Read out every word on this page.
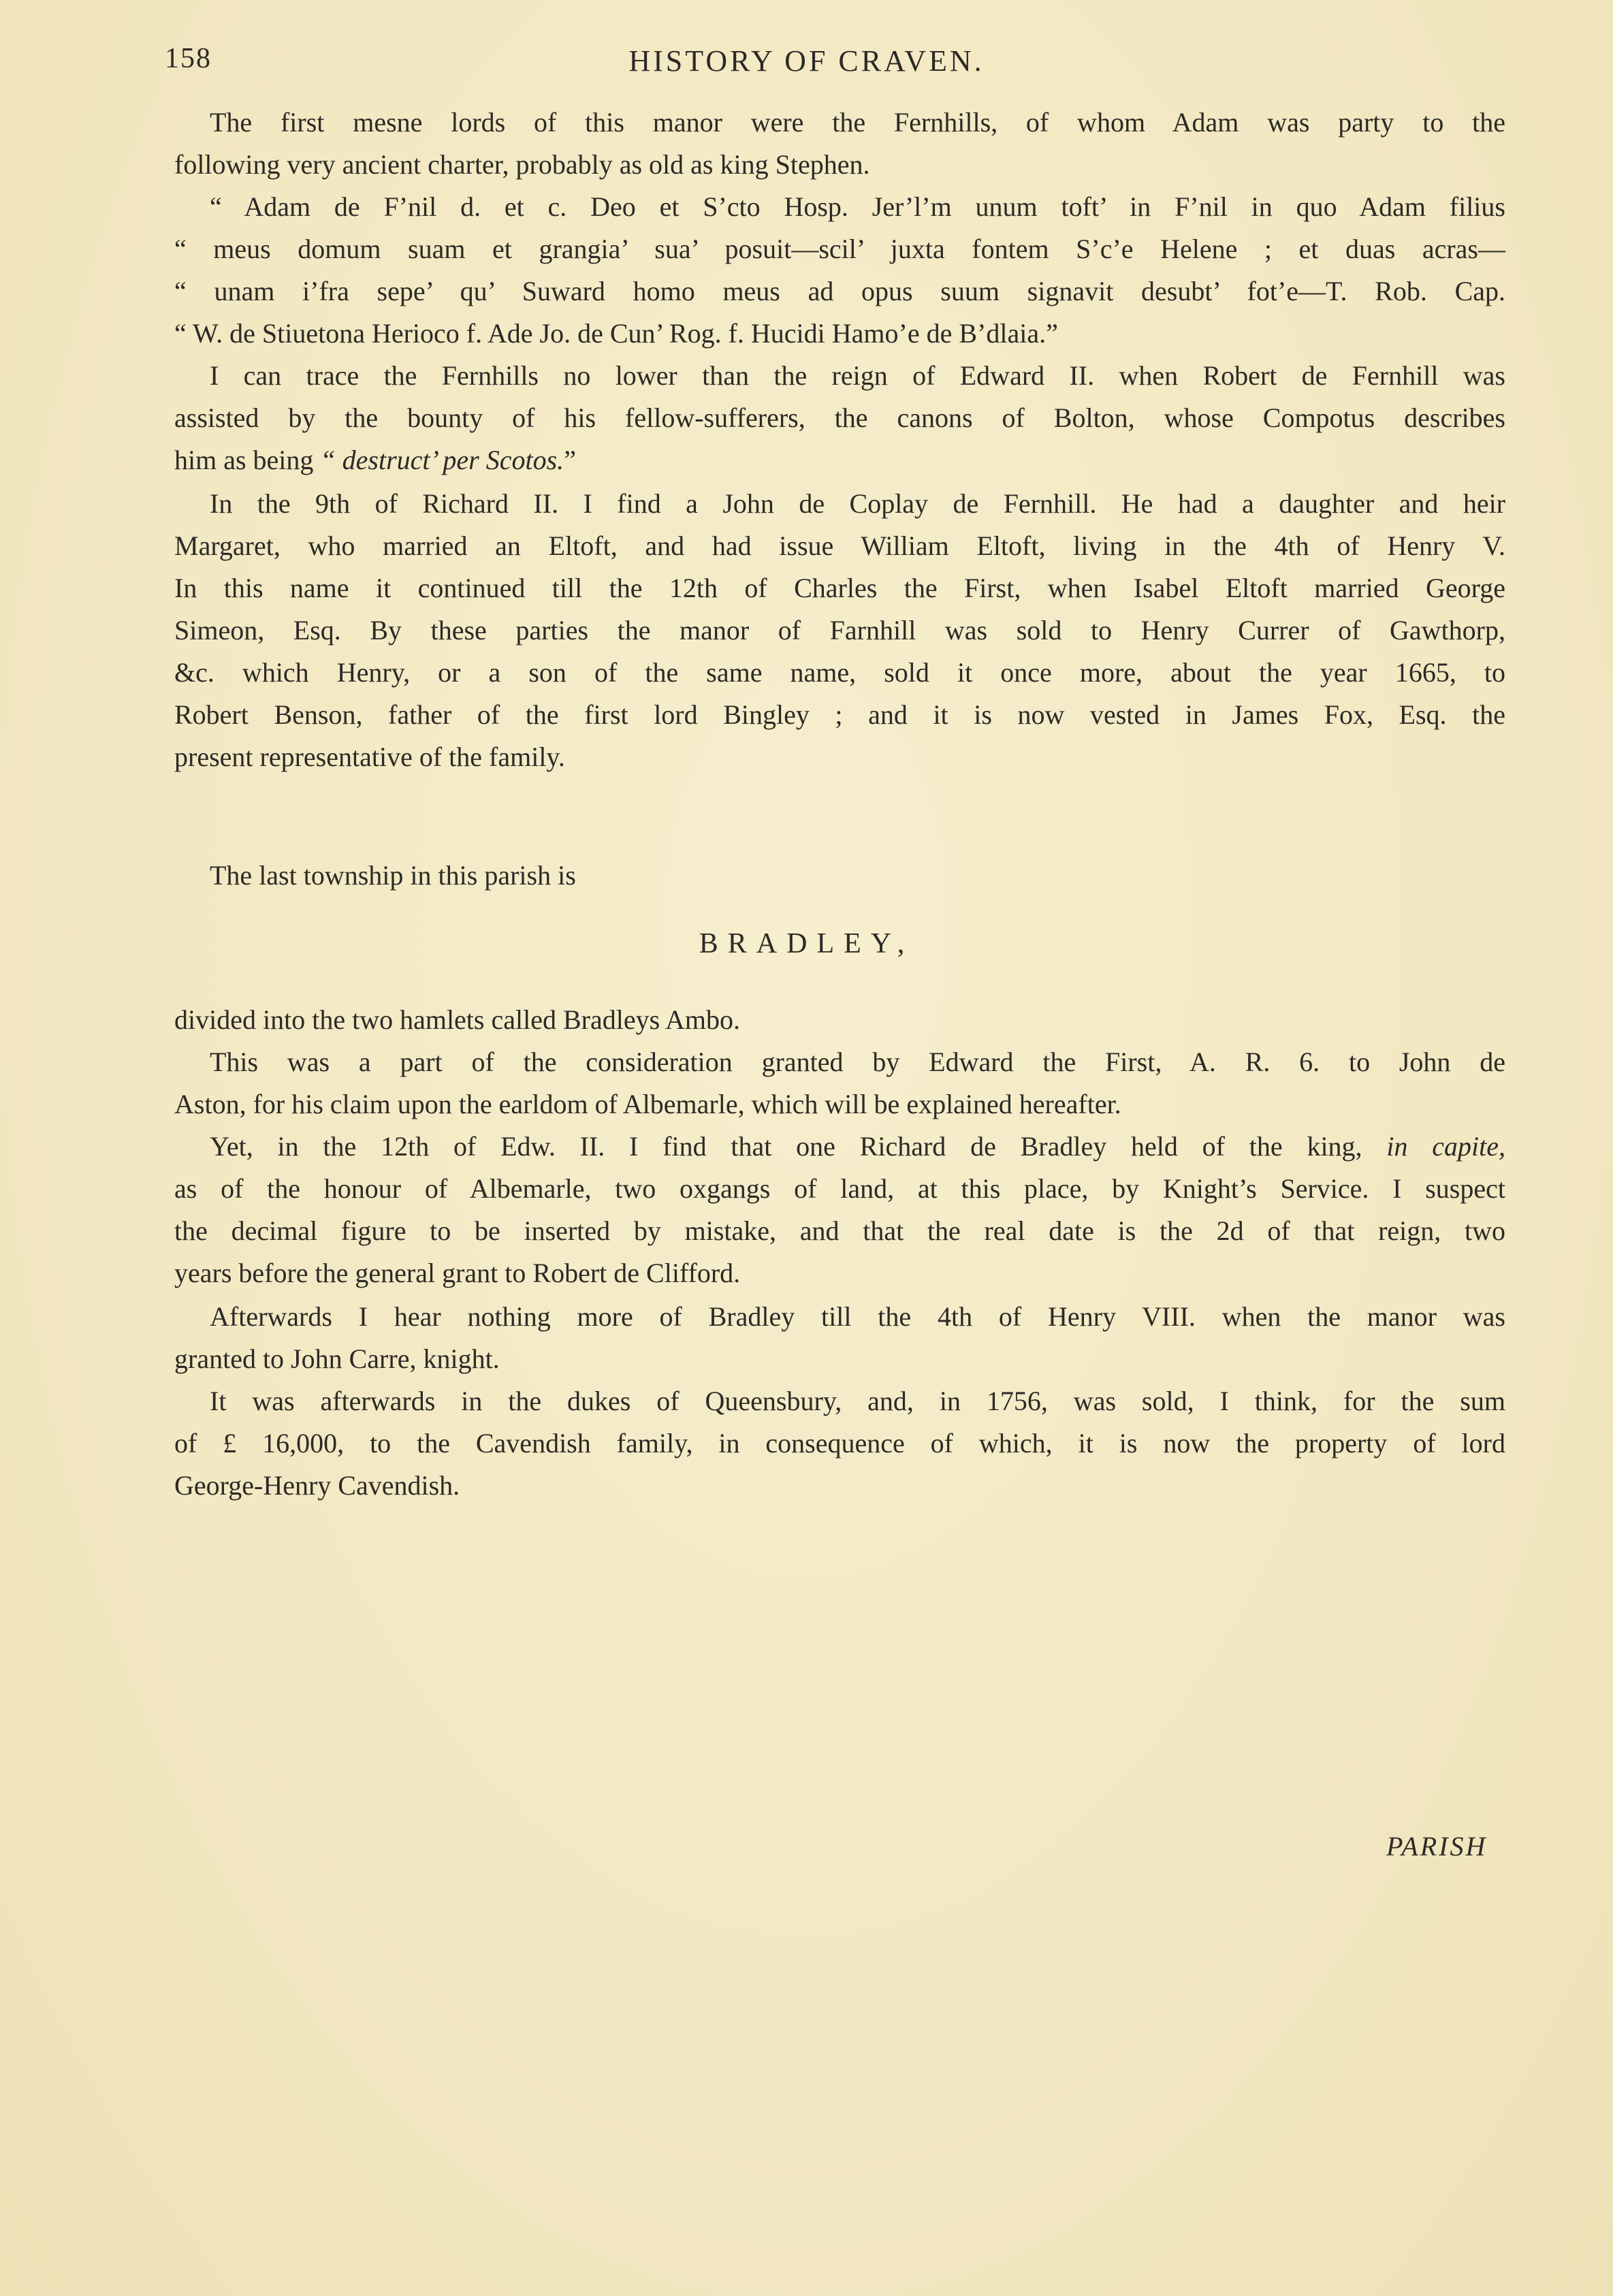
158	HISTORY OF CRAVEN.
The first mesne lords of this manor were the Fernhills, of whom Adam was party to the
following very ancient charter, probably as old as king Stephen.
“ Adam de F’nil d. et c. Deo et S’cto Hosp. Jer’l’m unum toft’ in F’nil in quo Adam filius
“ meus domum suam et grangia’ sua’ posuit—scil’ juxta fontem S’c’e Helene ; et duas acras—
“ unam i’fra sepe’ qu’ Suward homo meus ad opus suum signavit desubt’ fot’e—T. Rob. Cap.
“ W. de Stiuetona Herioco f. Ade Jo. de Cun’ Rog. f. Hucidi Hamo’e de B’dlaia.”
I can trace the Fernhills no lower than the reign of Edward II. when Robert de Fernhill was
assisted by the bounty of his fellow-sufferers, the canons of Bolton, whose Compotus describes
him as being “ destruct’ per Scotos.”
In the 9th of Richard II. I find a John de Coplay de Fernhill. He had a daughter and heir
Margaret, who married an Eltoft, and had issue William Eltoft, living in the 4th of Henry V.
In this name it continued till the 12th of Charles the First, when Isabel Eltoft married George
Simeon, Esq. By these parties the manor of Farnhill was sold to Henry Currer of Gawthorp,
&c. which Henry, or a son of the same name, sold it once more, about the year 1665, to
Robert Benson, father of the first lord Bingley ; and it is now vested in James Fox, Esq. the
present representative of the family.
The last township in this parish is
BRADLEY,
divided into the two hamlets called Bradleys Ambo.
This was a part of the consideration granted by Edward the First, A. R. 6. to John de
Aston, for his claim upon the earldom of Albemarle, which will be explained hereafter.
Yet, in the 12th of Edw. II. I find that one Richard de Bradley held of the king, in capite,
as of the honour of Albemarle, two oxgangs of land, at this place, by Knight’s Service. I suspect
the decimal figure to be inserted by mistake, and that the real date is the 2d of that reign, two
years before the general grant to Robert de Clifford.
Afterwards I hear nothing more of Bradley till the 4th of Henry VIII. when the manor was
granted to John Carre, knight.
It was afterwards in the dukes of Queensbury, and, in 1756, was sold, I think, for the sum
of £ 16,000, to the Cavendish family, in consequence of which, it is now the property of lord
George-Henry Cavendish.
PARISH
